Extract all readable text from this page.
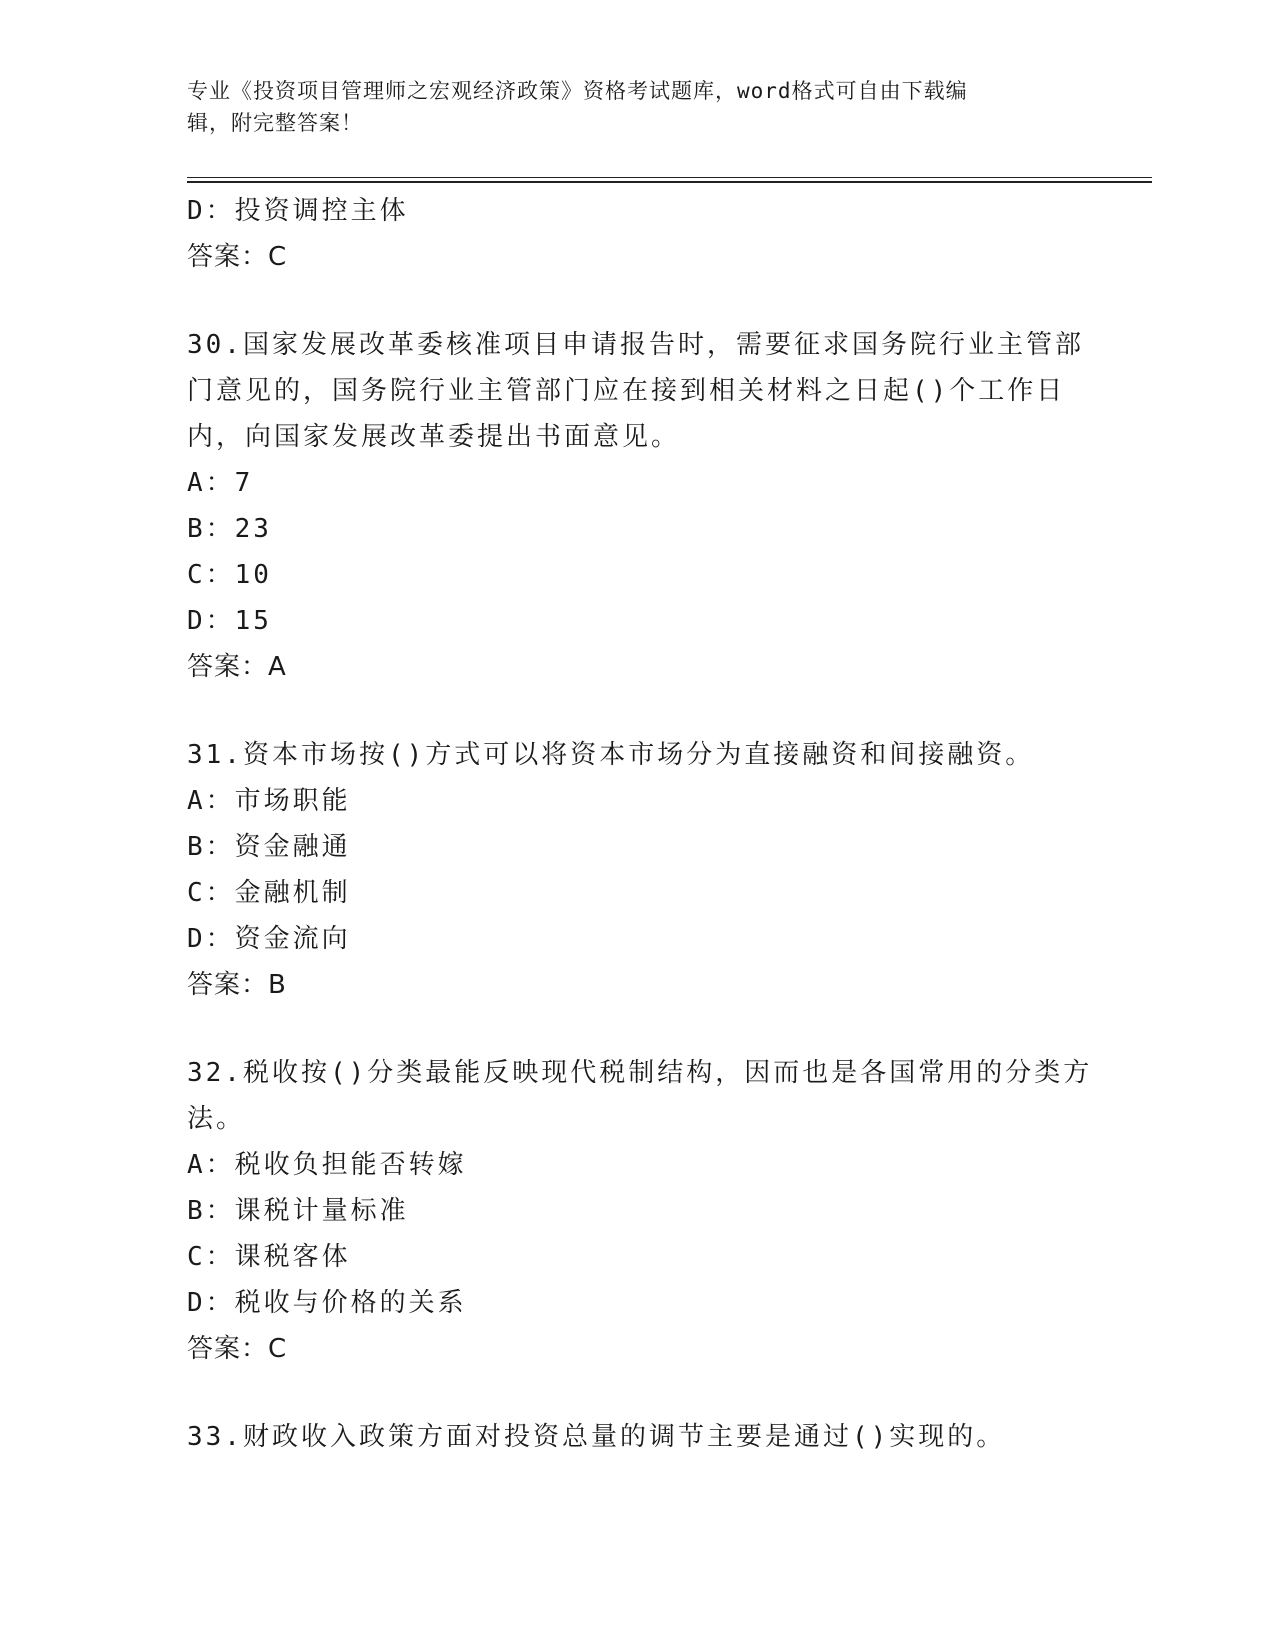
专业《投资项目管理师之宏观经济政策》资格考试题库，word格式可自由下载编
辑，附完整答案！
D：投资调控主体
答案：C
30.国家发展改革委核准项目申请报告时，需要征求国务院行业主管部
门意见的，国务院行业主管部门应在接到相关材料之日起()个工作日
内，向国家发展改革委提出书面意见。
A：7
B：23
C：10
D：15
答案：A
31.资本市场按()方式可以将资本市场分为直接融资和间接融资。
A：市场职能
B：资金融通
C：金融机制
D：资金流向
答案：B
32.税收按()分类最能反映现代税制结构，因而也是各国常用的分类方
法。
A：税收负担能否转嫁
B：课税计量标准
C：课税客体
D：税收与价格的关系
答案：C
33.财政收入政策方面对投资总量的调节主要是通过()实现的。
